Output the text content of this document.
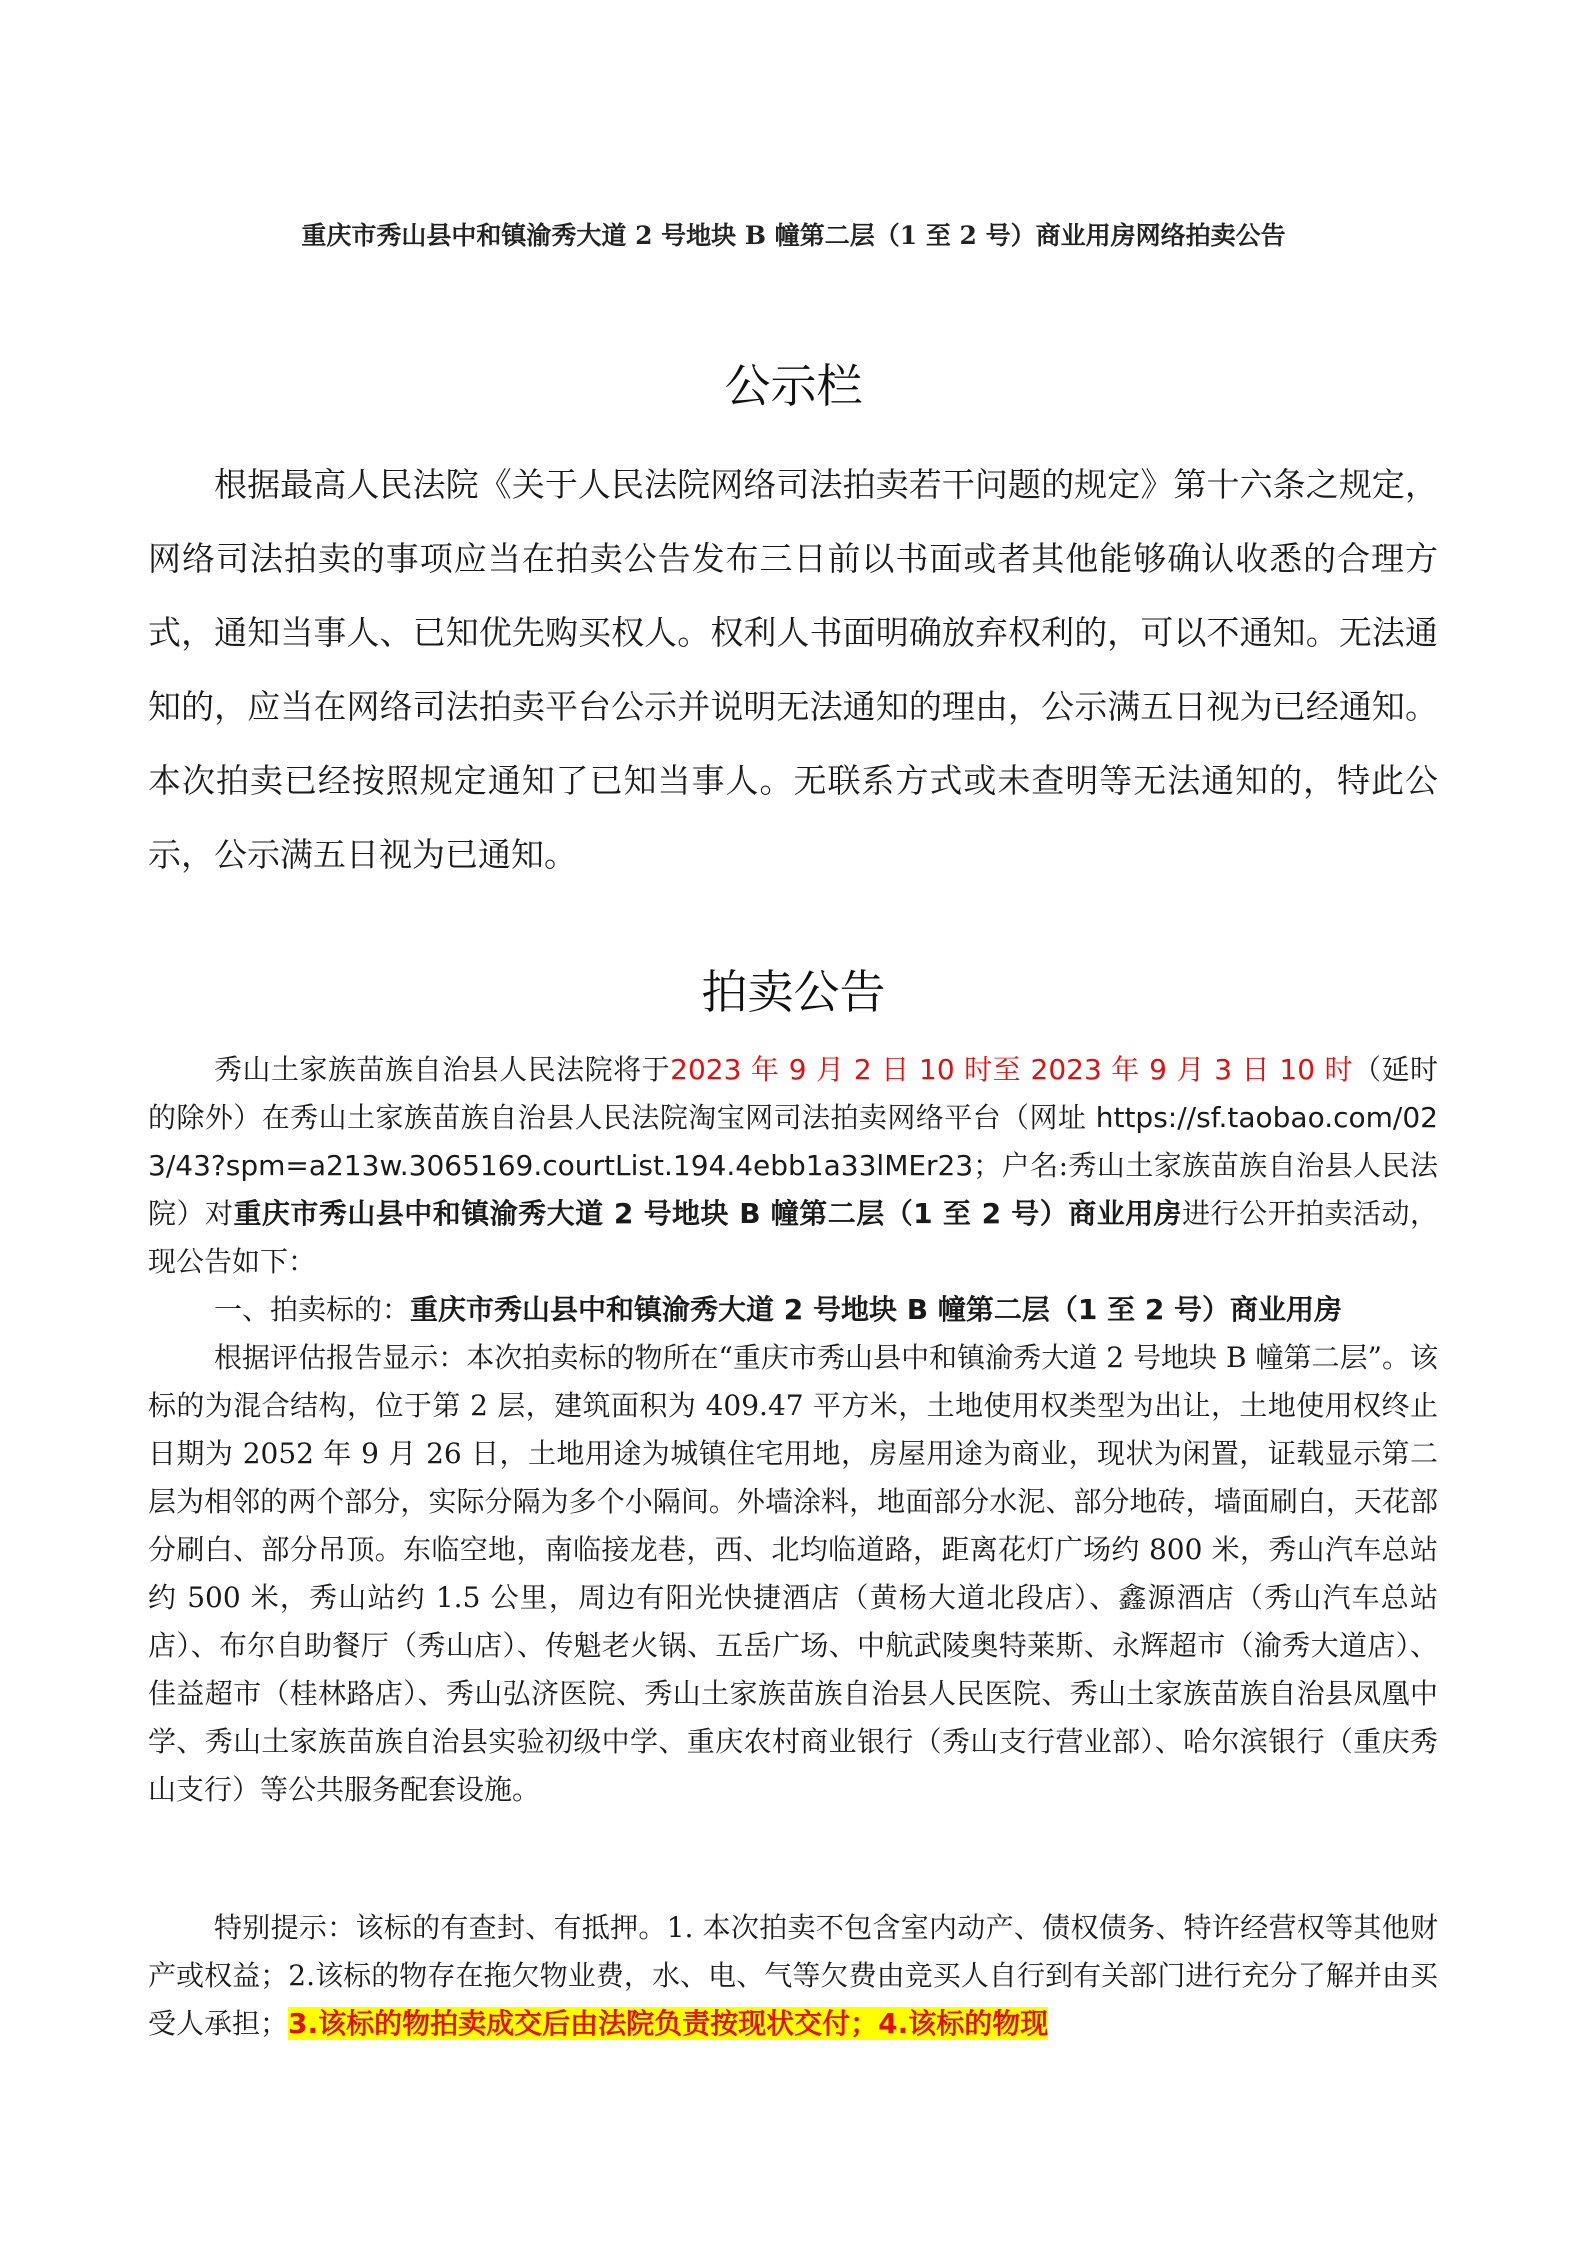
重庆市秀山县中和镇渝秀大道 2 号地块 B 幢第二层（1 至 2 号）商业用房网络拍卖公告
公示栏

根据最高人民法院《关于人民法院网络司法拍卖若干问题的规定》第十六条之规定，网络司法拍卖的事项应当在拍卖公告发布三日前以书面或者其他能够确认收悉的合理方式，通知当事人、已知优先购买权人。权利人书面明确放弃权利的，可以不通知。无法通知的，应当在网络司法拍卖平台公示并说明无法通知的理由，公示满五日视为已经通知。本次拍卖已经按照规定通知了已知当事人。无联系方式或未查明等无法通知的，特此公示，公示满五日视为已通知。

拍卖公告

秀山土家族苗族自治县人民法院将于2023 年 9 月 2 日 10 时至 2023 年 9 月 3 日 10 时（延时的除外）在秀山土家族苗族自治县人民法院淘宝网司法拍卖网络平台（网址 https://sf.taobao.com/023/43?spm=a213w.3065169.courtList.194.4ebb1a33lMEr23；户名:秀山土家族苗族自治县人民法院）对重庆市秀山县中和镇渝秀大道 2 号地块 B 幢第二层（1 至 2 号）商业用房进行公开拍卖活动，现公告如下：

一、拍卖标的：重庆市秀山县中和镇渝秀大道 2 号地块 B 幢第二层（1 至 2 号）商业用房

根据评估报告显示：本次拍卖标的物所在“重庆市秀山县中和镇渝秀大道 2 号地块 B 幢第二层”。该标的为混合结构，位于第 2 层，建筑面积为 409.47 平方米，土地使用权类型为出让，土地使用权终止日期为 2052 年 9 月 26 日，土地用途为城镇住宅用地，房屋用途为商业，现状为闲置，证载显示第二层为相邻的两个部分，实际分隔为多个小隔间。外墙涂料，地面部分水泥、部分地砖，墙面刷白，天花部分刷白、部分吊顶。东临空地，南临接龙巷，西、北均临道路，距离花灯广场约 800 米，秀山汽车总站约 500 米，秀山站约 1.5 公里，周边有阳光快捷酒店（黄杨大道北段店）、鑫源酒店（秀山汽车总站店）、布尔自助餐厅（秀山店）、传魁老火锅、五岳广场、中航武陵奥特莱斯、永辉超市（渝秀大道店）、佳益超市（桂林路店）、秀山弘济医院、秀山土家族苗族自治县人民医院、秀山土家族苗族自治县凤凰中学、秀山土家族苗族自治县实验初级中学、重庆农村商业银行（秀山支行营业部）、哈尔滨银行（重庆秀山支行）等公共服务配套设施。

特别提示：该标的有查封、有抵押。1. 本次拍卖不包含室内动产、债权债务、特许经营权等其他财产或权益；2.该标的物存在拖欠物业费，水、电、气等欠费由竞买人自行到有关部门进行充分了解并由买受人承担；3.该标的物拍卖成交后由法院负责按现状交付；4.该标的物现
